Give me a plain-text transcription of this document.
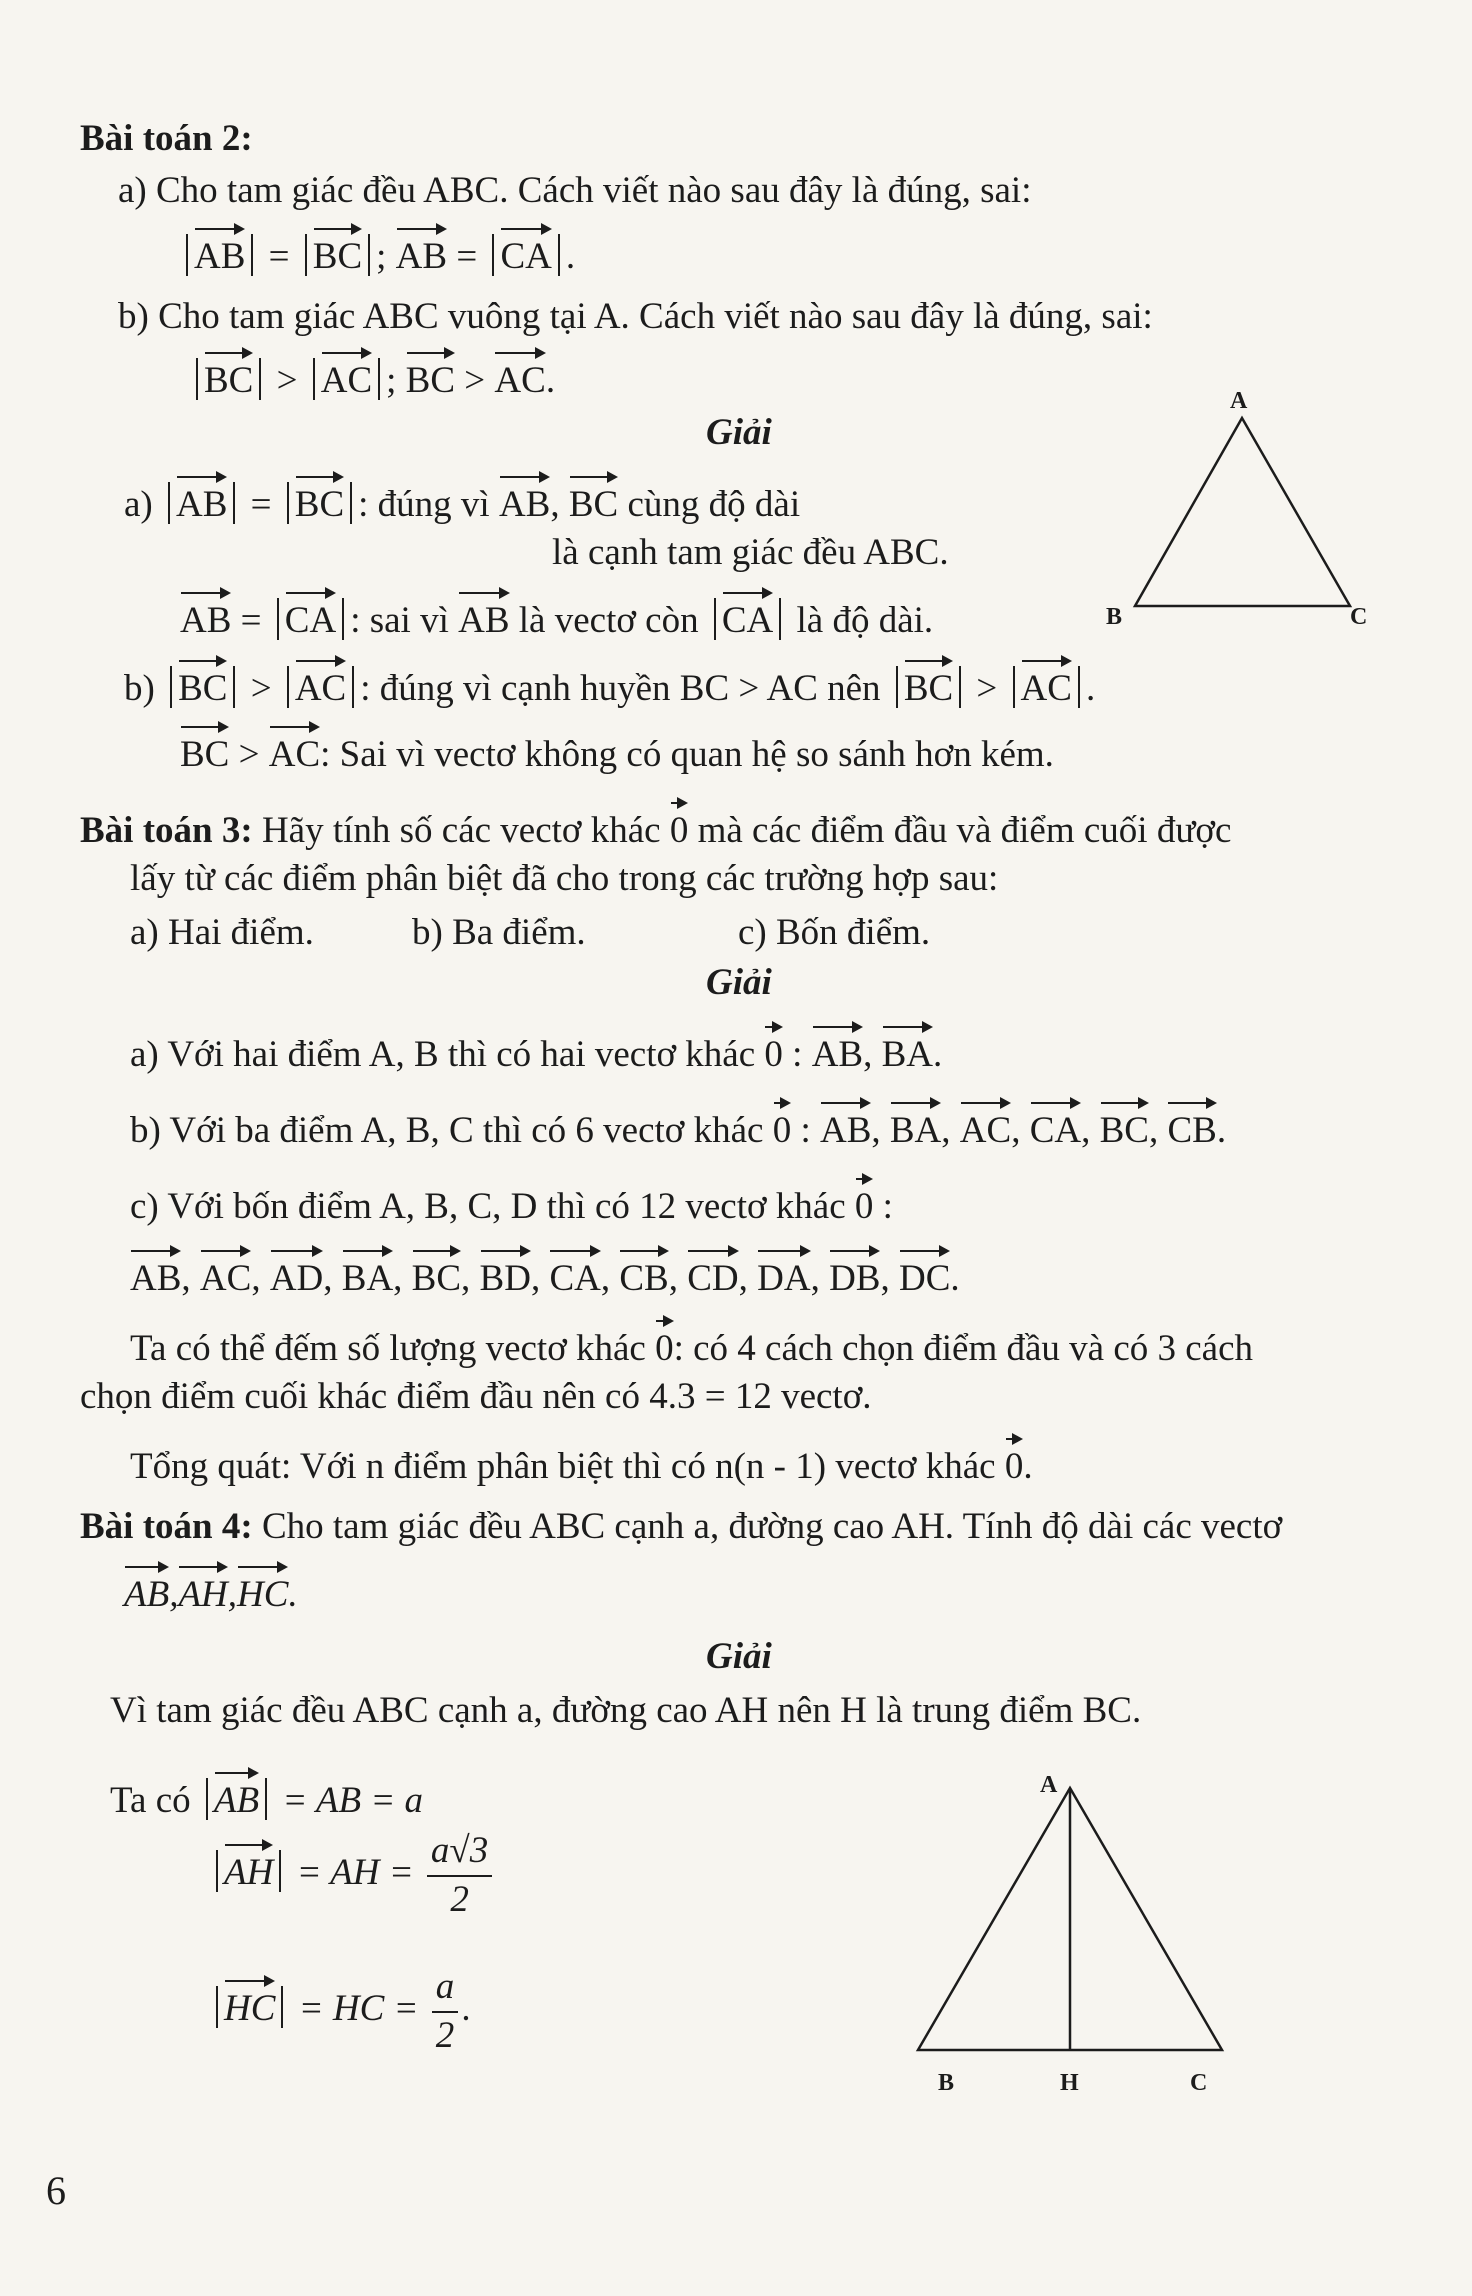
Bài toán 2:
a) Cho tam giác đều ABC. Cách viết nào sau đây là đúng, sai:
AB = BC ; AB = CA .
b) Cho tam giác ABC vuông tại A. Cách viết nào sau đây là đúng, sai:
BC > AC ; BC > AC.
Giải
a) AB = BC : đúng vì AB, BC cùng độ dài
là cạnh tam giác đều ABC.
AB = CA : sai vì AB là vectơ còn CA là độ dài.
b) BC > AC : đúng vì cạnh huyền BC > AC nên BC > AC .
BC > AC: Sai vì vectơ không có quan hệ so sánh hơn kém.
A
B	C
Bài toán 3: Hãy tính số các vectơ khác 0 mà các điểm đầu và điểm cuối được
lấy từ các điểm phân biệt đã cho trong các trường hợp sau:
a) Hai điểm.	b) Ba điểm.	c) Bốn điểm.
Giải
a) Với hai điểm A, B thì có hai vectơ khác 0 : AB, BA.
b) Với ba điểm A, B, C thì có 6 vectơ khác 0 : AB, BA, AC, CA, BC, CB.
c) Với bốn điểm A, B, C, D thì có 12 vectơ khác 0 :
AB, AC, AD, BA, BC, BD, CA, CB, CD, DA, DB, DC.
Ta có thể đếm số lượng vectơ khác 0: có 4 cách chọn điểm đầu và có 3 cách
chọn điểm cuối khác điểm đầu nên có 4.3 = 12 vectơ.
Tổng quát: Với n điểm phân biệt thì có n(n - 1) vectơ khác 0.
Bài toán 4: Cho tam giác đều ABC cạnh a, đường cao AH. Tính độ dài các vectơ
AB,AH,HC.
Giải
Vì tam giác đều ABC cạnh a, đường cao AH nên H là trung điểm BC.
Ta có AB = AB = a
AH = AH = $\frac{a√3}{2}$
HC = HC = $\frac{a}{2}$ .
A
B	H	C
6
